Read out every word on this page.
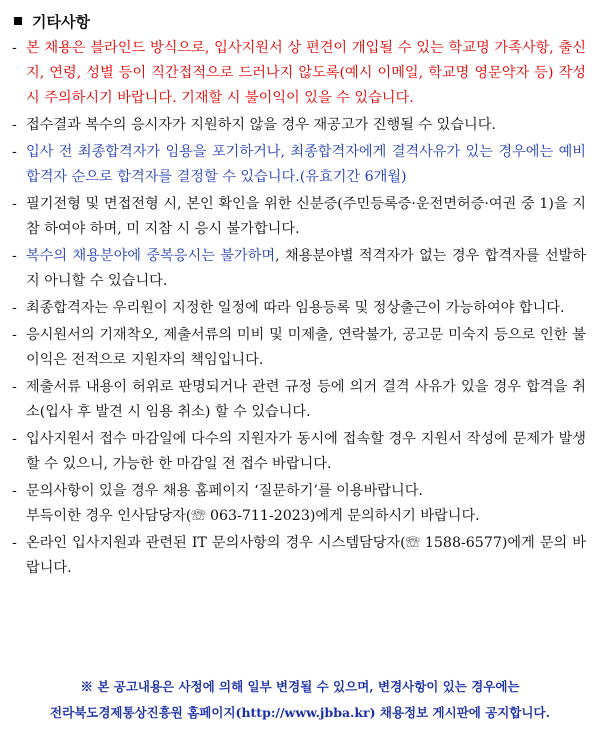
기타사항
- 본 채용은 블라인드 방식으로, 입사지원서 상 편견이 개입될 수 있는 학교명 가족사항, 출신지, 연령, 성별 등이 직간접적으로 드러나지 않도록(예시 이메일, 학교명 영문약자 등) 작성시 주의하시기 바랍니다. 기재할 시 불이익이 있을 수 있습니다.
- 접수결과 복수의 응시자가 지원하지 않을 경우 재공고가 진행될 수 있습니다.
- 입사 전 최종합격자가 임용을 포기하거나, 최종합격자에게 결격사유가 있는 경우에는 예비합격자 순으로 합격자를 결정할 수 있습니다.(유효기간 6개월)
- 필기전형 및 면접전형 시, 본인 확인을 위한 신분증(주민등록증·운전면허증·여권 중 1)을 지참 하여야 하며, 미 지참 시 응시 불가합니다.
- 복수의 채용분야에 중복응시는 불가하며, 채용분야별 적격자가 없는 경우 합격자를 선발하지 아니할 수 있습니다.
- 최종합격자는 우리원이 지정한 일정에 따라 임용등록 및 정상출근이 가능하여야 합니다.
- 응시원서의 기재착오, 제출서류의 미비 및 미제출, 연락불가, 공고문 미숙지 등으로 인한 불이익은 전적으로 지원자의 책임입니다.
- 제출서류 내용이 허위로 판명되거나 관련 규정 등에 의거 결격 사유가 있을 경우 합격을 취소(입사 후 발견 시 임용 취소) 할 수 있습니다.
- 입사지원서 접수 마감일에 다수의 지원자가 동시에 접속할 경우 지원서 작성에 문제가 발생할 수 있으니, 가능한 한 마감일 전 접수 바랍니다.
- 문의사항이 있을 경우 채용 홈페이지 ‘질문하기’를 이용바랍니다.
부득이한 경우 인사담당자(☏ 063-711-2023)에게 문의하시기 바랍니다.
- 온라인 입사지원과 관련된 IT 문의사항의 경우 시스템담당자(☏ 1588-6577)에게 문의 바랍니다.
※ 본 공고내용은 사정에 의해 일부 변경될 수 있으며, 변경사항이 있는 경우에는
전라북도경제통상진흥원 홈페이지(http://www.jbba.kr) 채용정보 게시판에 공지합니다.
